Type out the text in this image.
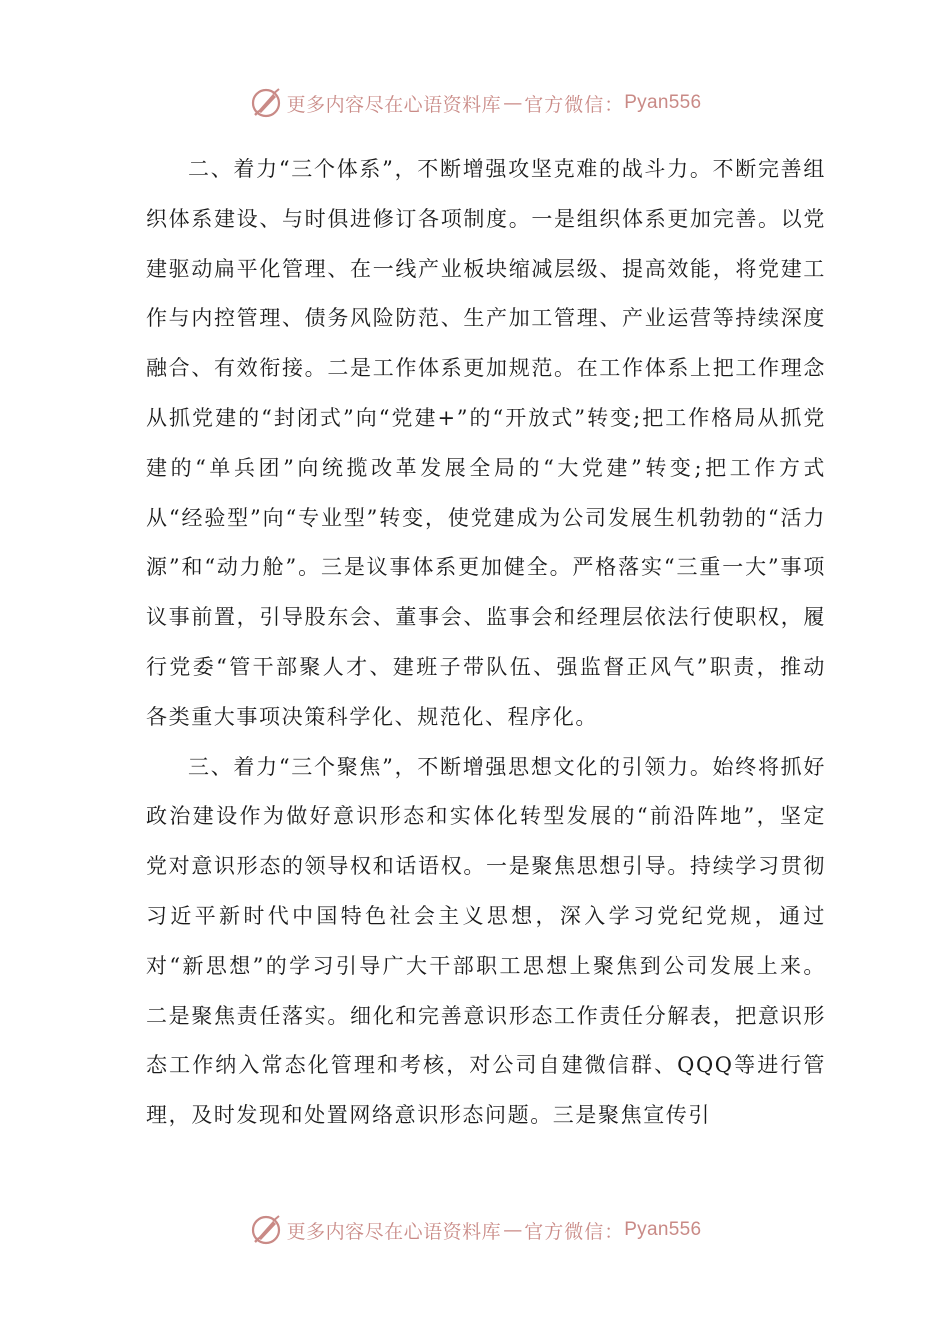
更多内容尽在心语资料库 — 官方微信： Pyan556

二、着力“三个体系”，不断增强攻坚克难的战斗力。不断完善组织体系建设、与时俱进修订各项制度。一是组织体系更加完善。以党建驱动扁平化管理、在一线产业板块缩减层级、提高效能，将党建工作与内控管理、债务风险防范、生产加工管理、产业运营等持续深度融合、有效衔接。二是工作体系更加规范。在工作体系上把工作理念从抓党建的“封闭式”向“党建+”的“开放式”转变;把工作格局从抓党建的“单兵团”向统揽改革发展全局的“大党建”转变;把工作方式从“经验型”向“专业型”转变，使党建成为公司发展生机勃勃的“活力源”和“动力舱”。三是议事体系更加健全。严格落实“三重一大”事项议事前置，引导股东会、董事会、监事会和经理层依法行使职权，履行党委“管干部聚人才、建班子带队伍、强监督正风气”职责，推动各类重大事项决策科学化、规范化、程序化。

三、着力“三个聚焦”，不断增强思想文化的引领力。始终将抓好政治建设作为做好意识形态和实体化转型发展的“前沿阵地”，坚定党对意识形态的领导权和话语权。一是聚焦思想引导。持续学习贯彻习近平新时代中国特色社会主义思想，深入学习党纪党规，通过对“新思想”的学习引导广大干部职工思想上聚焦到公司发展上来。二是聚焦责任落实。细化和完善意识形态工作责任分解表，把意识形态工作纳入常态化管理和考核，对公司自建微信群、QQQ等进行管理，及时发现和处置网络意识形态问题。三是聚焦宣传引

更多内容尽在心语资料库 — 官方微信： Pyan556
